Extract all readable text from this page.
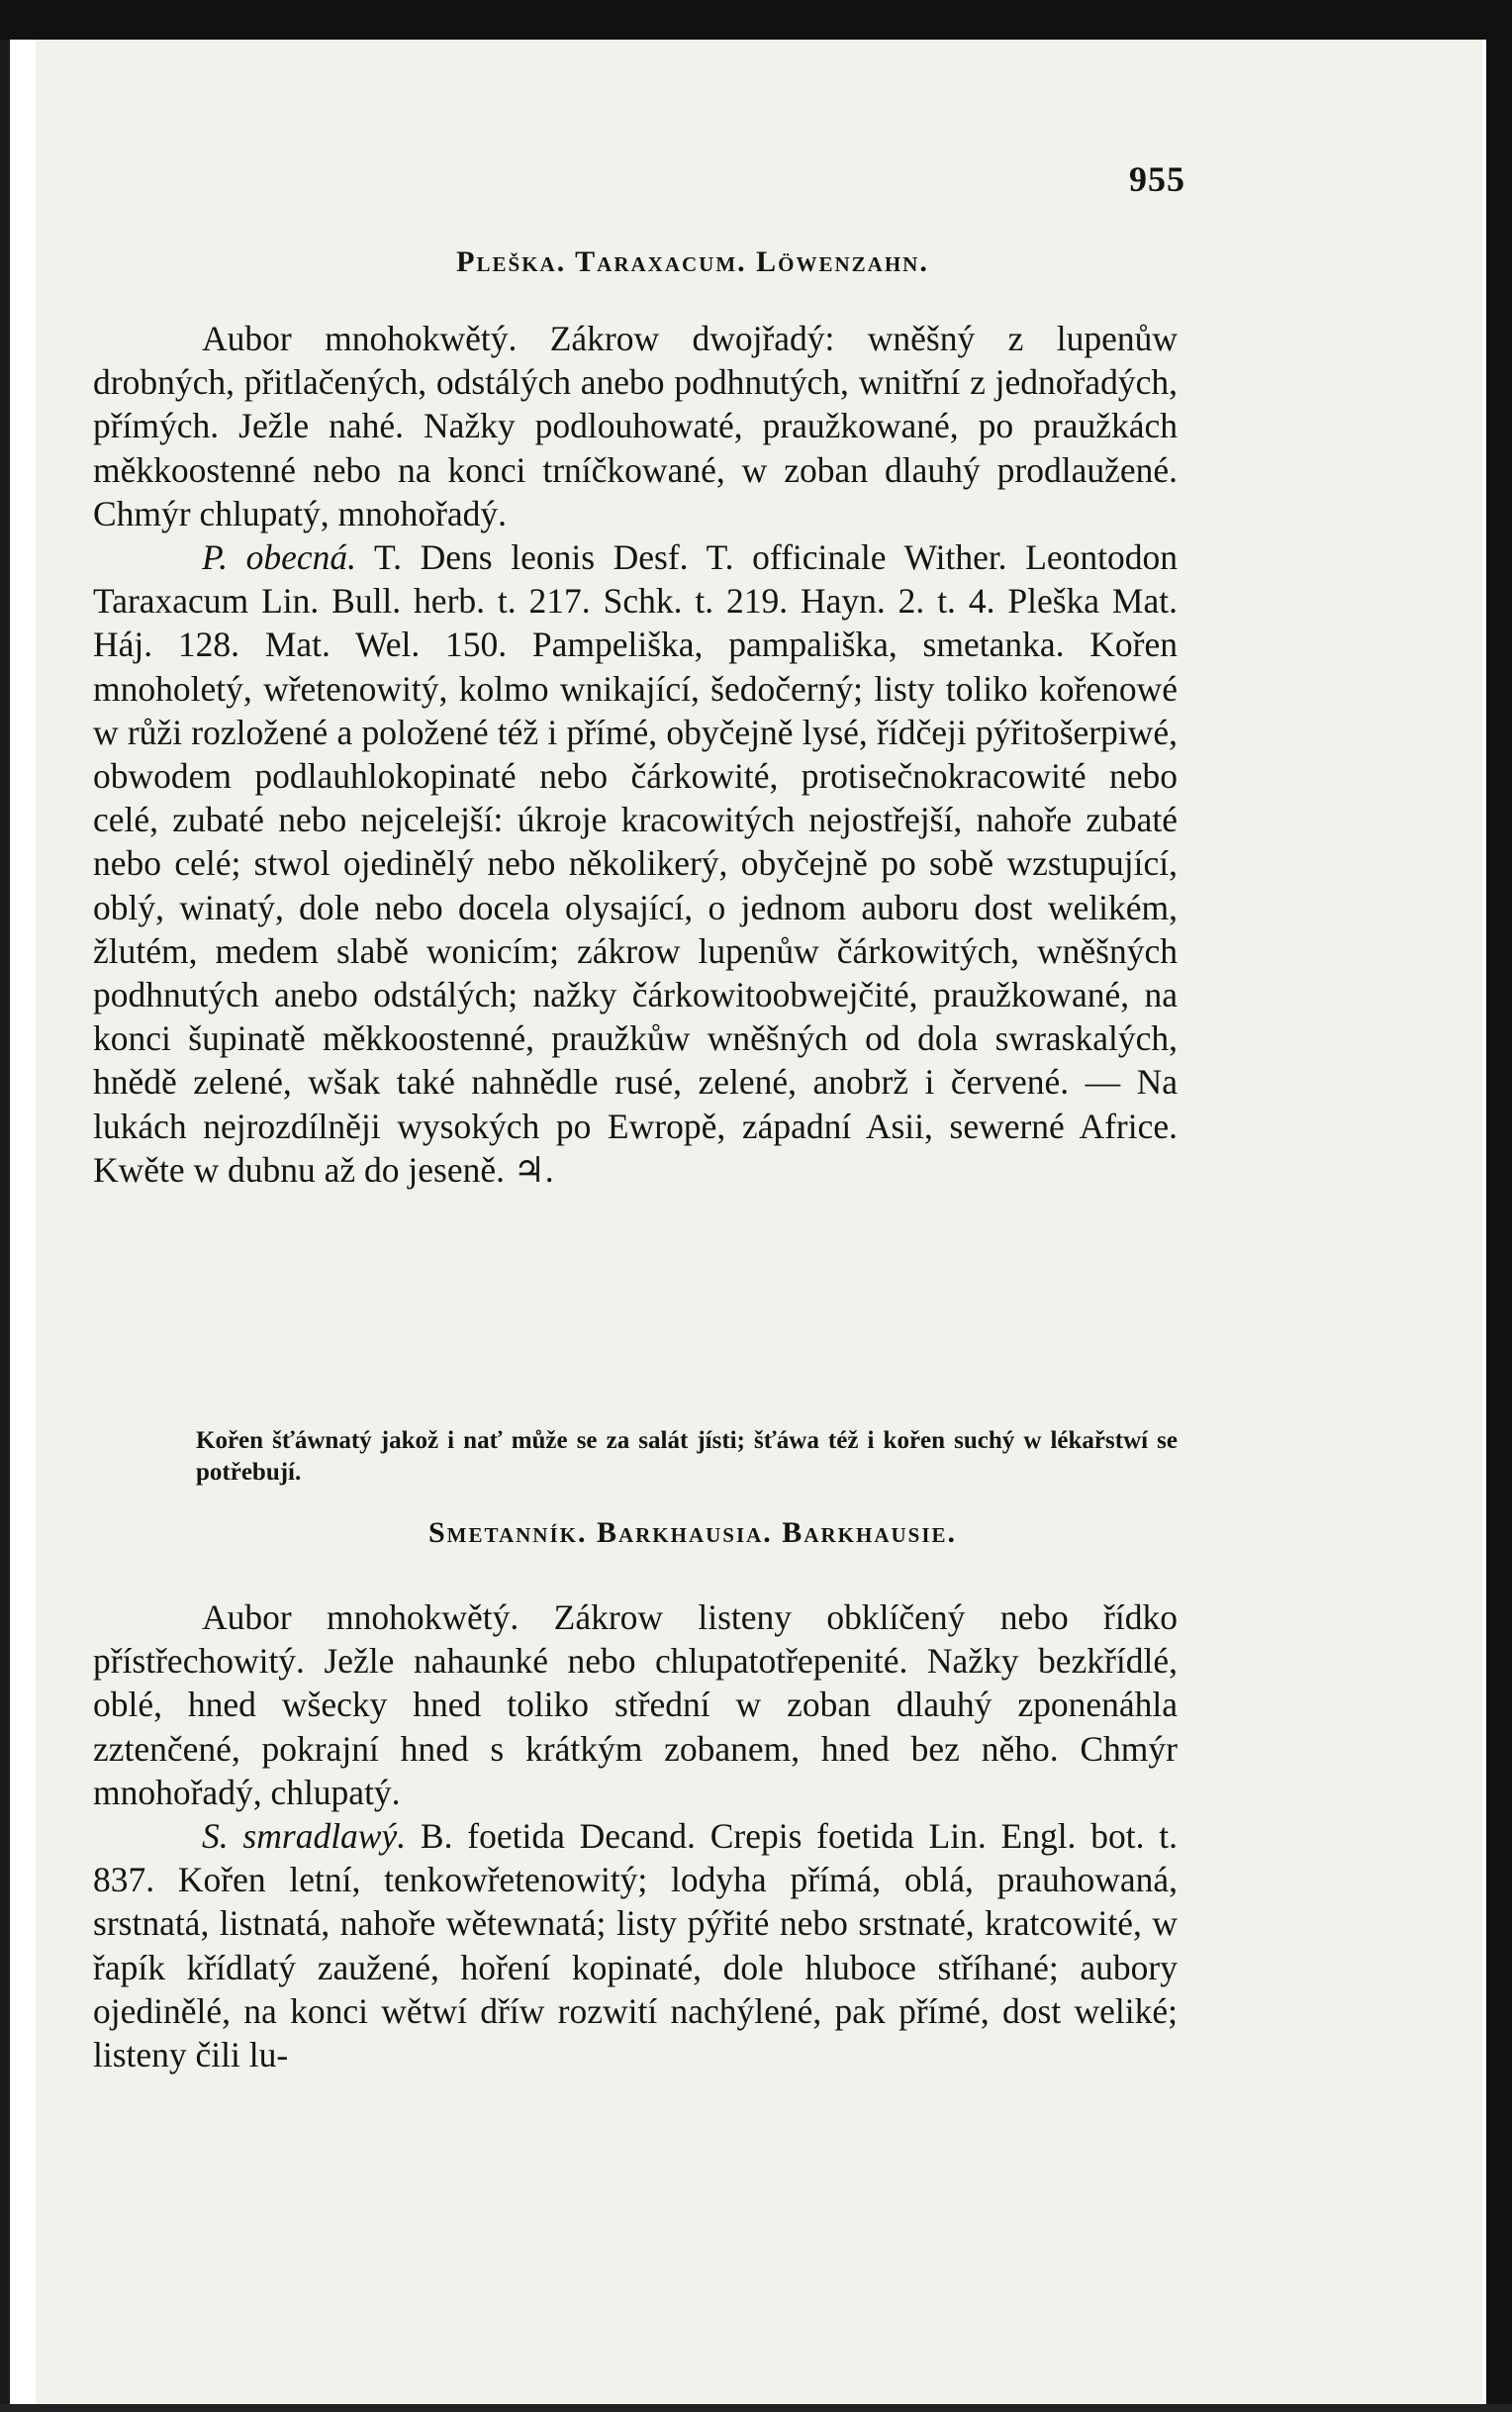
955
Pleška. Taraxacum. Löwenzahn.

Aubor mnohokwětý. Zákrow dwojřadý: wněšný z lupenůw drobných, přitlačených, odstálých anebo podhnutých, wnitřní z jednořadých, přímých. Ježle nahé. Nažky podlouhowaté, praužkowané, po praužkách měkkoostenné nebo na konci trníčkowané, w zoban dlauhý prodlaužené. Chmýr chlupatý, mnohořadý.

P. obecná. T. Dens leonis Desf. T. officinale Wither. Leontodon Taraxacum Lin. Bull. herb. t. 217. Schk. t. 219. Hayn. 2. t. 4. Pleška Mat. Háj. 128. Mat. Wel. 150. Pampeliška, pampališka, smetanka. Kořen mnoholetý, wřetenowitý, kolmo wnikající, šedočerný; listy toliko kořenowé w růži rozložené a položené též i přímé, obyčejně lysé, řídčeji pýřitošerpiwé, obwodem podlauhlokopinaté nebo čárkowité, protisečnokracowité nebo celé, zubaté nebo nejcelejší: úkroje kracowitých nejostřejší, nahoře zubaté nebo celé; stwol ojedinělý nebo několikerý, obyčejně po sobě wzstupující, oblý, winatý, dole nebo docela olysající, o jednom auboru dost welikém, žlutém, medem slabě wonicím; zákrow lupenůw čárkowitých, wněšných podhnutých anebo odstálých; nažky čárkowitoobwejčité, praužkowané, na konci šupinatě měkkoostenné, praužkůw wněšných od dola swraskalých, hnědě zelené, wšak také nahnědle rusé, zelené, anobrž i červené. — Na lukách nejrozdílněji wysokých po Ewropě, západní Asii, sewerné Africe. Kwěte w dubnu až do jeseně. ♃.

Kořen šťáwnatý jakož i nať může se za salát jísti; šťáwa též i kořen suchý w lékařstwí se potřebují.
Smetanník. Barkhausia. Barkhausie.

Aubor mnohokwětý. Zákrow listeny obklíčený nebo řídko přístřechowitý. Ježle nahaunké nebo chlupatotřepenité. Nažky bezkřídlé, oblé, hned wšecky hned toliko střední w zoban dlauhý zponenáhla zztenčené, pokrajní hned s krátkým zobanem, hned bez něho. Chmýr mnohořadý, chlupatý.

S. smradlawý. B. foetida Decand. Crepis foetida Lin. Engl. bot. t. 837. Kořen letní, tenkowřetenowitý; lodyha přímá, oblá, prauhowaná, srstnatá, listnatá, nahoře wětewnatá; listy pýřité nebo srstnaté, kratcowité, w řapík křídlatý zaužené, hoření kopinaté, dole hluboce stříhané; aubory ojedinělé, na konci wětwí dříw rozwití nachýlené, pak přímé, dost weliké; listeny čili lu-
